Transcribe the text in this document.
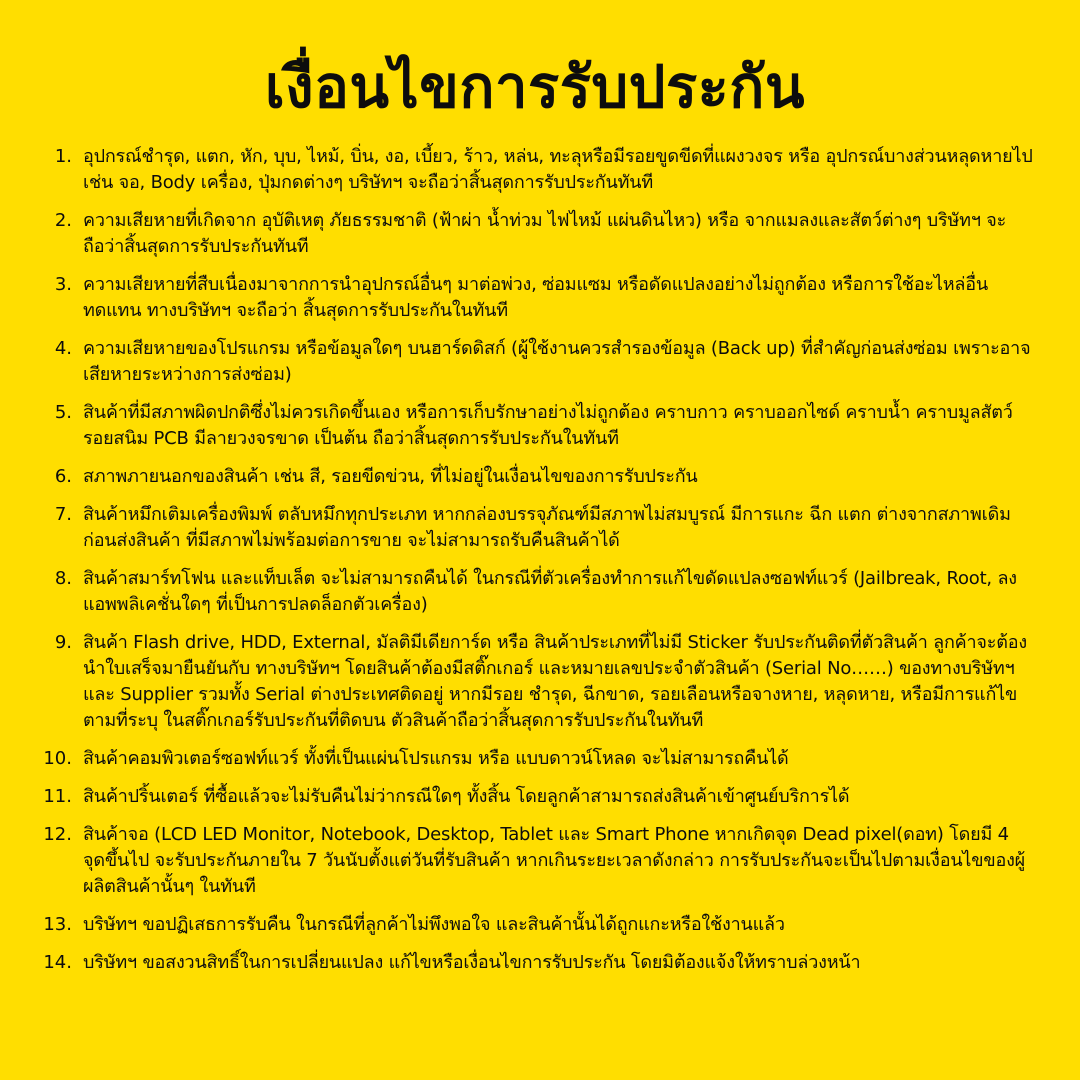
เงื่อนไขการรับประกัน
1. อุปกรณ์ชำรุด, แตก, หัก, บุบ, ไหม้, บิ่น, งอ, เบี้ยว, ร้าว, หล่น, ทะลุหรือมีรอยขูดขีดที่แผงวงจร หรือ อุปกรณ์บางส่วนหลุดหายไป เช่น จอ, Body เครื่อง, ปุ่มกดต่างๆ บริษัทฯ จะถือว่าสิ้นสุดการรับประกันทันที
2. ความเสียหายที่เกิดจาก อุบัติเหตุ ภัยธรรมชาติ (ฟ้าผ่า น้ำท่วม ไฟไหม้ แผ่นดินไหว) หรือ จากแมลงและสัตว์ต่างๆ บริษัทฯ จะถือว่าสิ้นสุดการรับประกันทันที
3. ความเสียหายที่สืบเนื่องมาจากการนำอุปกรณ์อื่นๆ มาต่อพ่วง, ซ่อมแซม หรือดัดแปลงอย่างไม่ถูกต้อง หรือการใช้อะไหล่อื่นทดแทน ทางบริษัทฯ จะถือว่า สิ้นสุดการรับประกันในทันที
4. ความเสียหายของโปรแกรม หรือข้อมูลใดๆ บนฮาร์ดดิสก์ (ผู้ใช้งานควรสำรองข้อมูล (Back up) ที่สำคัญก่อนส่งซ่อม เพราะอาจเสียหายระหว่างการส่งซ่อม)
5. สินค้าที่มีสภาพผิดปกติซึ่งไม่ควรเกิดขึ้นเอง หรือการเก็บรักษาอย่างไม่ถูกต้อง คราบกาว คราบออกไซด์ คราบน้ำ คราบมูลสัตว์ รอยสนิม PCB มีลายวงจรขาด เป็นต้น ถือว่าสิ้นสุดการรับประกันในทันที
6. สภาพภายนอกของสินค้า เช่น สี, รอยขีดข่วน, ที่ไม่อยู่ในเงื่อนไขของการรับประกัน
7. สินค้าหมึกเติมเครื่องพิมพ์ ตลับหมึกทุกประเภท หากกล่องบรรจุภัณฑ์มีสภาพไม่สมบูรณ์ มีการแกะ ฉีก แตก ต่างจากสภาพเดิมก่อนส่งสินค้า ที่มีสภาพไม่พร้อมต่อการขาย จะไม่สามารถรับคืนสินค้าได้
8. สินค้าสมาร์ทโฟน และแท็บเล็ต จะไม่สามารถคืนได้ ในกรณีที่ตัวเครื่องทำการแก้ไขดัดแปลงซอฟท์แวร์ (Jailbreak, Root, ลงแอพพลิเคชั่นใดๆ ที่เป็นการปลดล็อกตัวเครื่อง)
9. สินค้า Flash drive, HDD, External, มัลติมีเดียการ์ด หรือ สินค้าประเภทที่ไม่มี Sticker รับประกันติดที่ตัวสินค้า ลูกค้าจะต้องนำใบเสร็จมายืนยันกับ ทางบริษัทฯ โดยสินค้าต้องมีสติ๊กเกอร์ และหมายเลขประจำตัวสินค้า (Serial No……) ของทางบริษัทฯและ Supplier รวมทั้ง Serial ต่างประเทศติดอยู่ หากมีรอย ชำรุด, ฉีกขาด, รอยเลือนหรือจางหาย, หลุดหาย, หรือมีการแก้ไขตามที่ระบุ ในสติ๊กเกอร์รับประกันที่ติดบน ตัวสินค้าถือว่าสิ้นสุดการรับประกันในทันที
10. สินค้าคอมพิวเตอร์ซอฟท์แวร์ ทั้งที่เป็นแผ่นโปรแกรม หรือ แบบดาวน์โหลด จะไม่สามารถคืนได้
11. สินค้าปริ้นเตอร์ ที่ซื้อแล้วจะไม่รับคืนไม่ว่ากรณีใดๆ ทั้งสิ้น โดยลูกค้าสามารถส่งสินค้าเข้าศูนย์บริการได้
12. สินค้าจอ (LCD LED Monitor, Notebook, Desktop, Tablet และ Smart Phone หากเกิดจุด Dead pixel(ดอท) โดยมี 4 จุดขึ้นไป จะรับประกันภายใน 7 วันนับตั้งแต่วันที่รับสินค้า หากเกินระยะเวลาดังกล่าว การรับประกันจะเป็นไปตามเงื่อนไขของผู้ผลิตสินค้านั้นๆ ในทันที
13. บริษัทฯ ขอปฏิเสธการรับคืน ในกรณีที่ลูกค้าไม่พึงพอใจ และสินค้านั้นได้ถูกแกะหรือใช้งานแล้ว
14. บริษัทฯ ขอสงวนสิทธิ์ในการเปลี่ยนแปลง แก้ไขหรือเงื่อนไขการรับประกัน โดยมิต้องแจ้งให้ทราบล่วงหน้า
